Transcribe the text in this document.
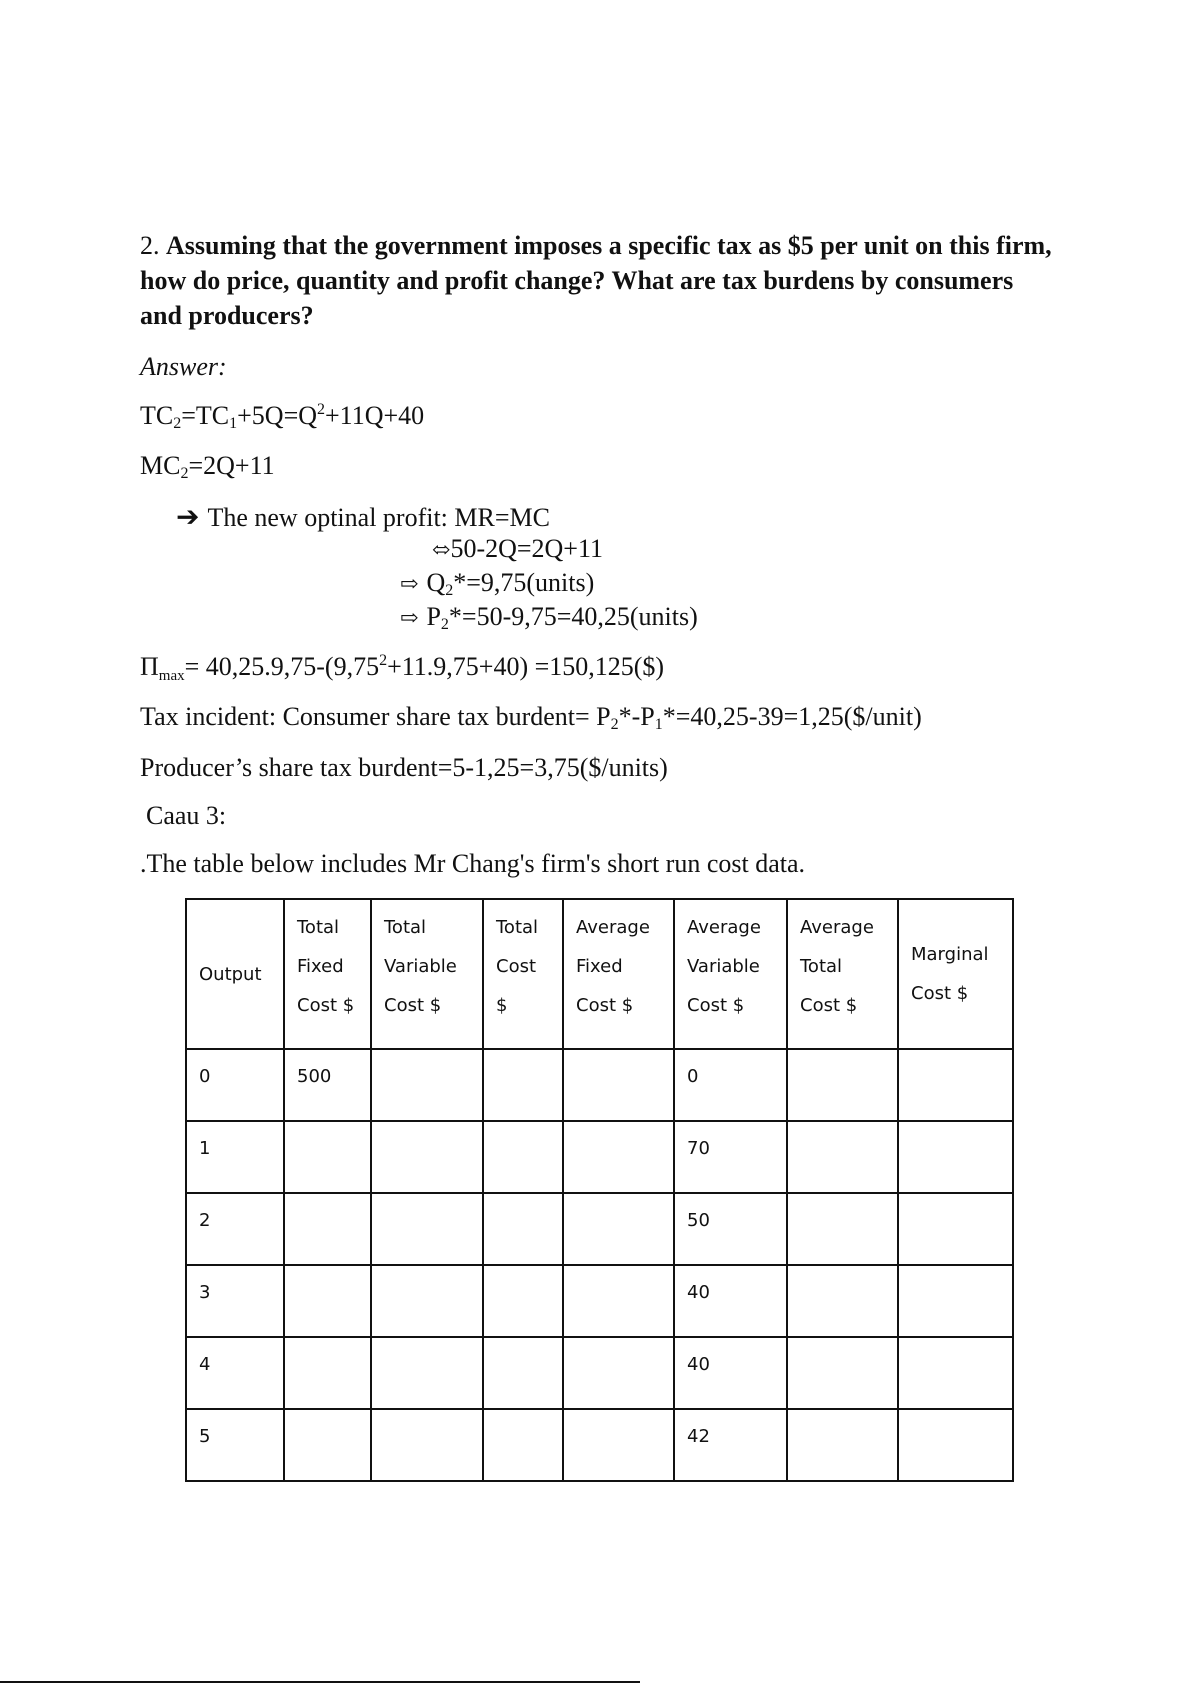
2. Assuming that the government imposes a specific tax as $5 per unit on this firm, how do price, quantity and profit change? What are tax burdens by consumers and producers?
Answer:
$TC_2=TC_1+5Q=Q^2+11Q+40$
$MC_2=2Q+11$
➔ The new optinal profit: MR=MC
⬄50-2Q=2Q+11
⇨ $Q_2*=9,75(units)$
⇨ $P_2*=50-9,75=40,25(units)$
$\Pi\max= 40,25.9,75-(9,75^2+11.9,75+40)$ =150,125($)
Tax incident: Consumer share tax burdent= $P_2*-P_1*=40,25-39=1,25(\$/unit)$
Producer’s share tax burdent=5-1,25=3,75($/units)
Caau 3:
.The table below includes Mr Chang's firm's short run cost data.
Output	Total
Fixed
Cost $	Total
Variable
Cost $	Total
Cost
$	Average
Fixed
Cost $	Average
Variable
Cost $	Average
Total
Cost $	Marginal
Cost $
0	500				0		
1					70		
2					50		
3					40		
4					40		
5					42		
